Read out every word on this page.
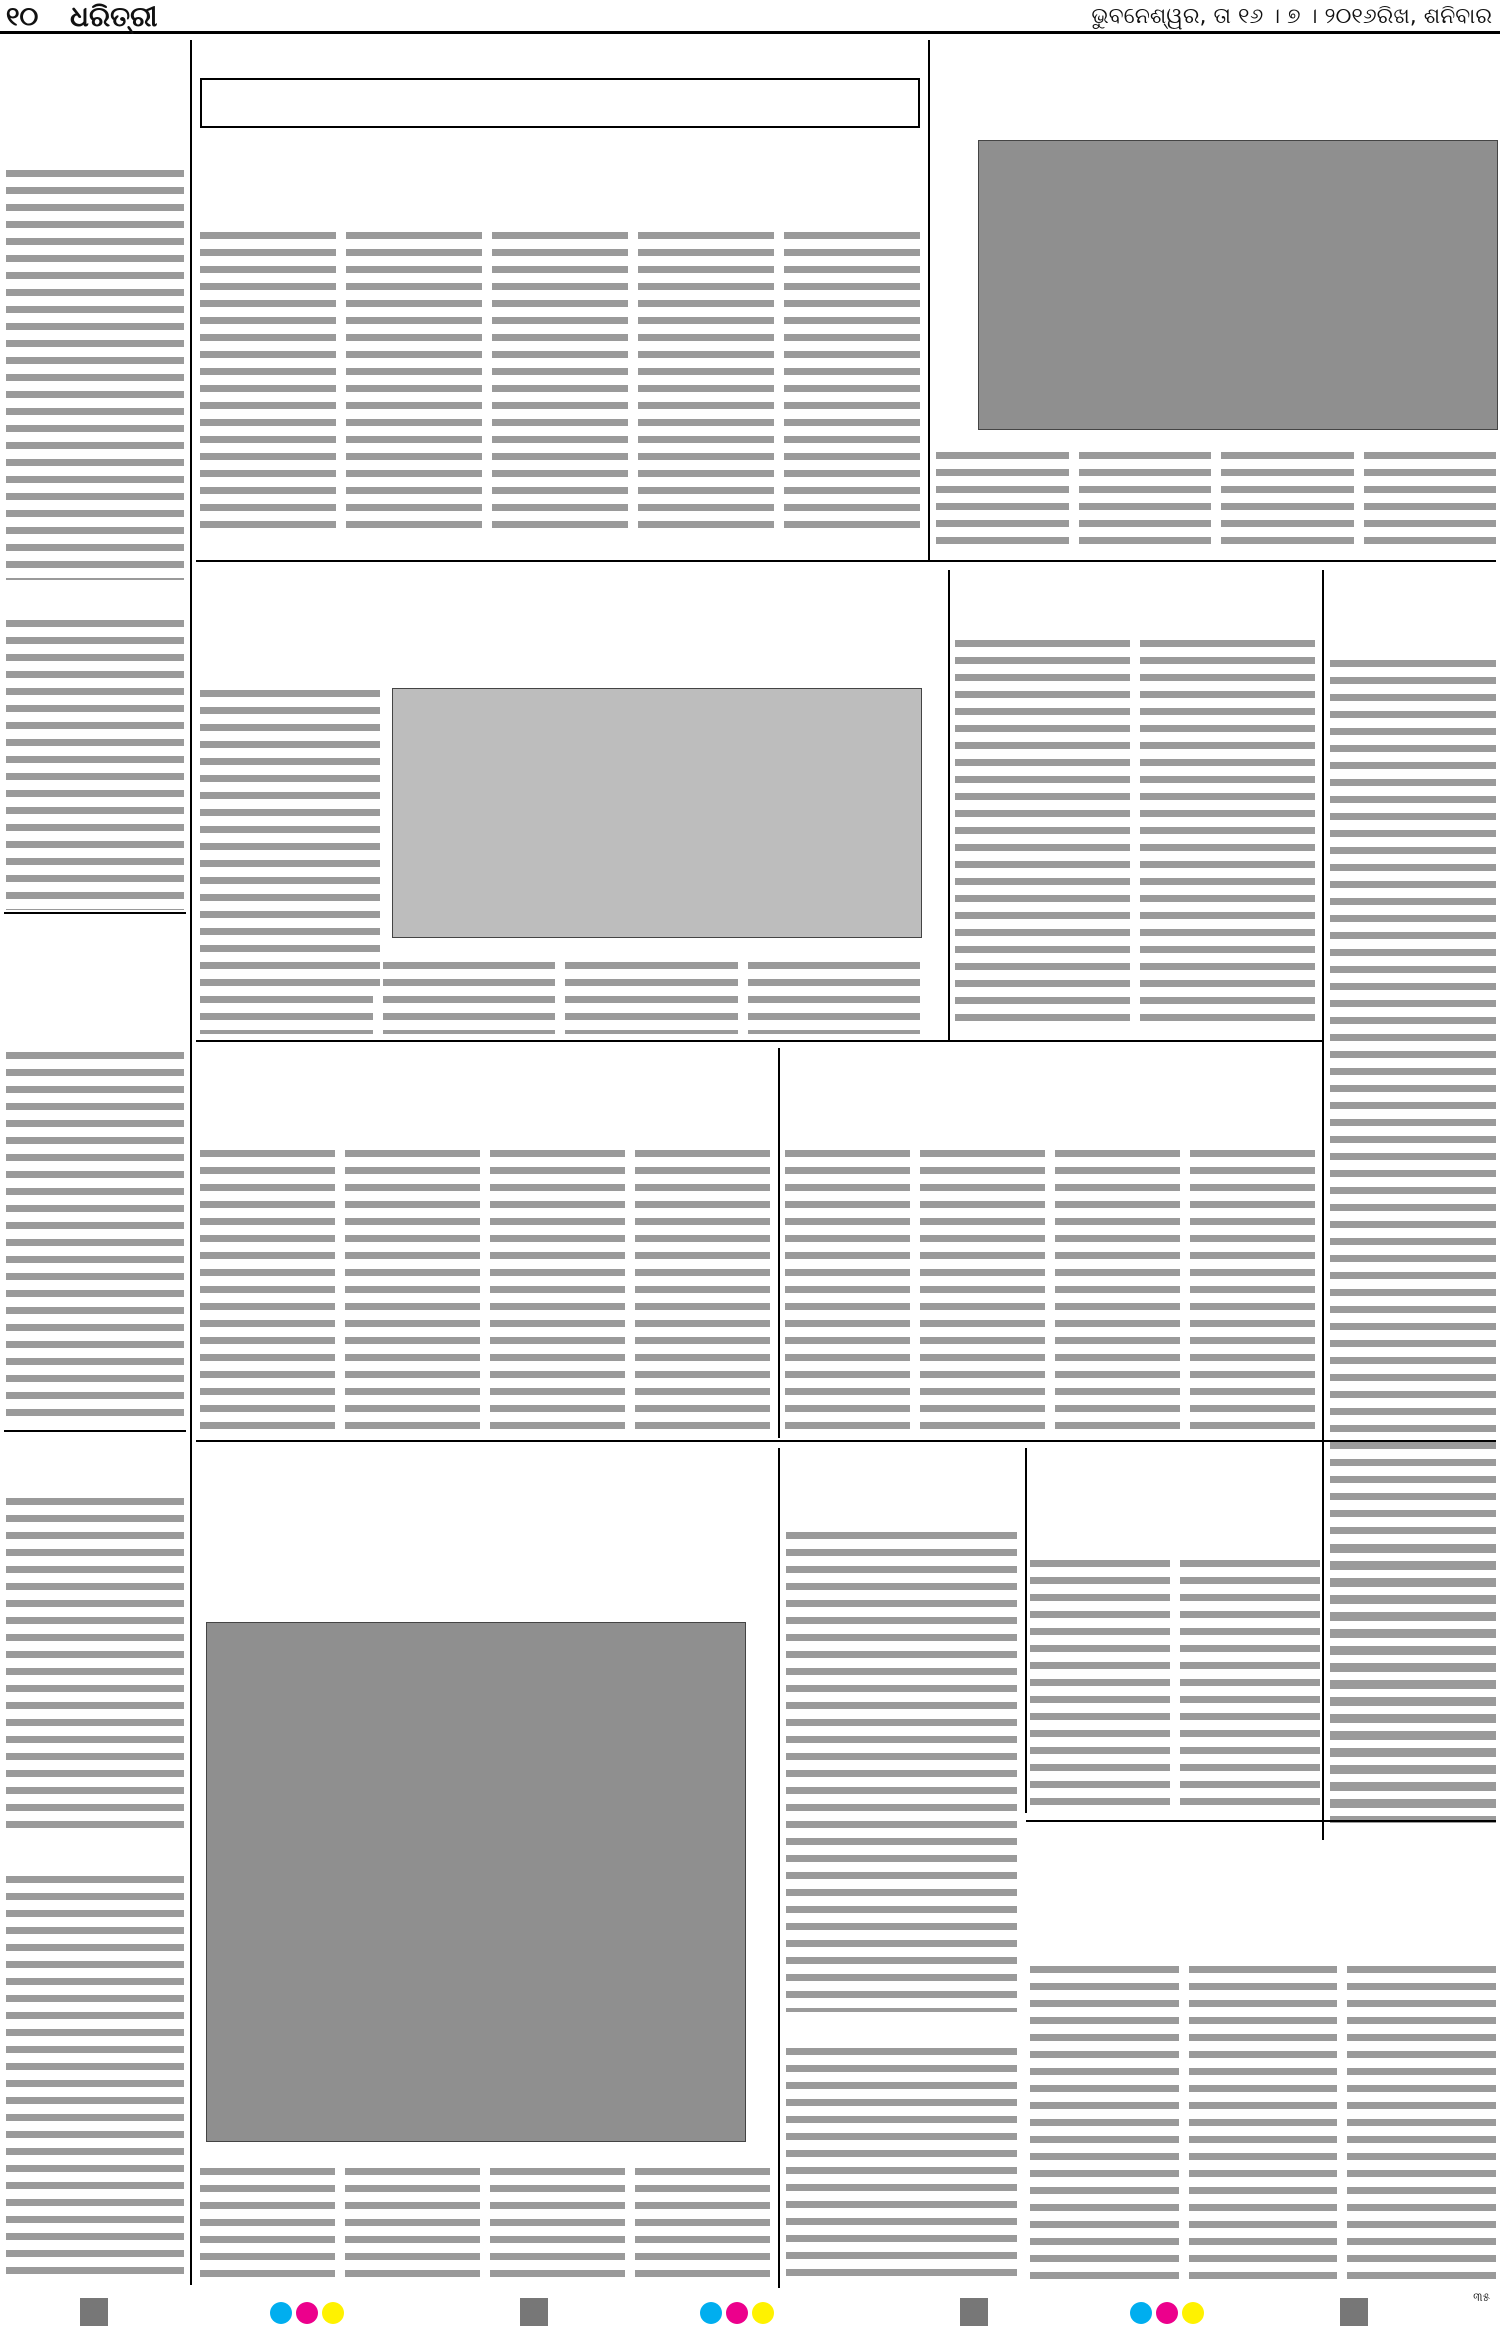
୧୦ ଧରିତ୍ରୀ	ଭୁବନେଶ୍ୱର, ତା ୧୬ । ୭ । ୨୦୧୬ରିଖ, ଶନିବାର
୩୫
